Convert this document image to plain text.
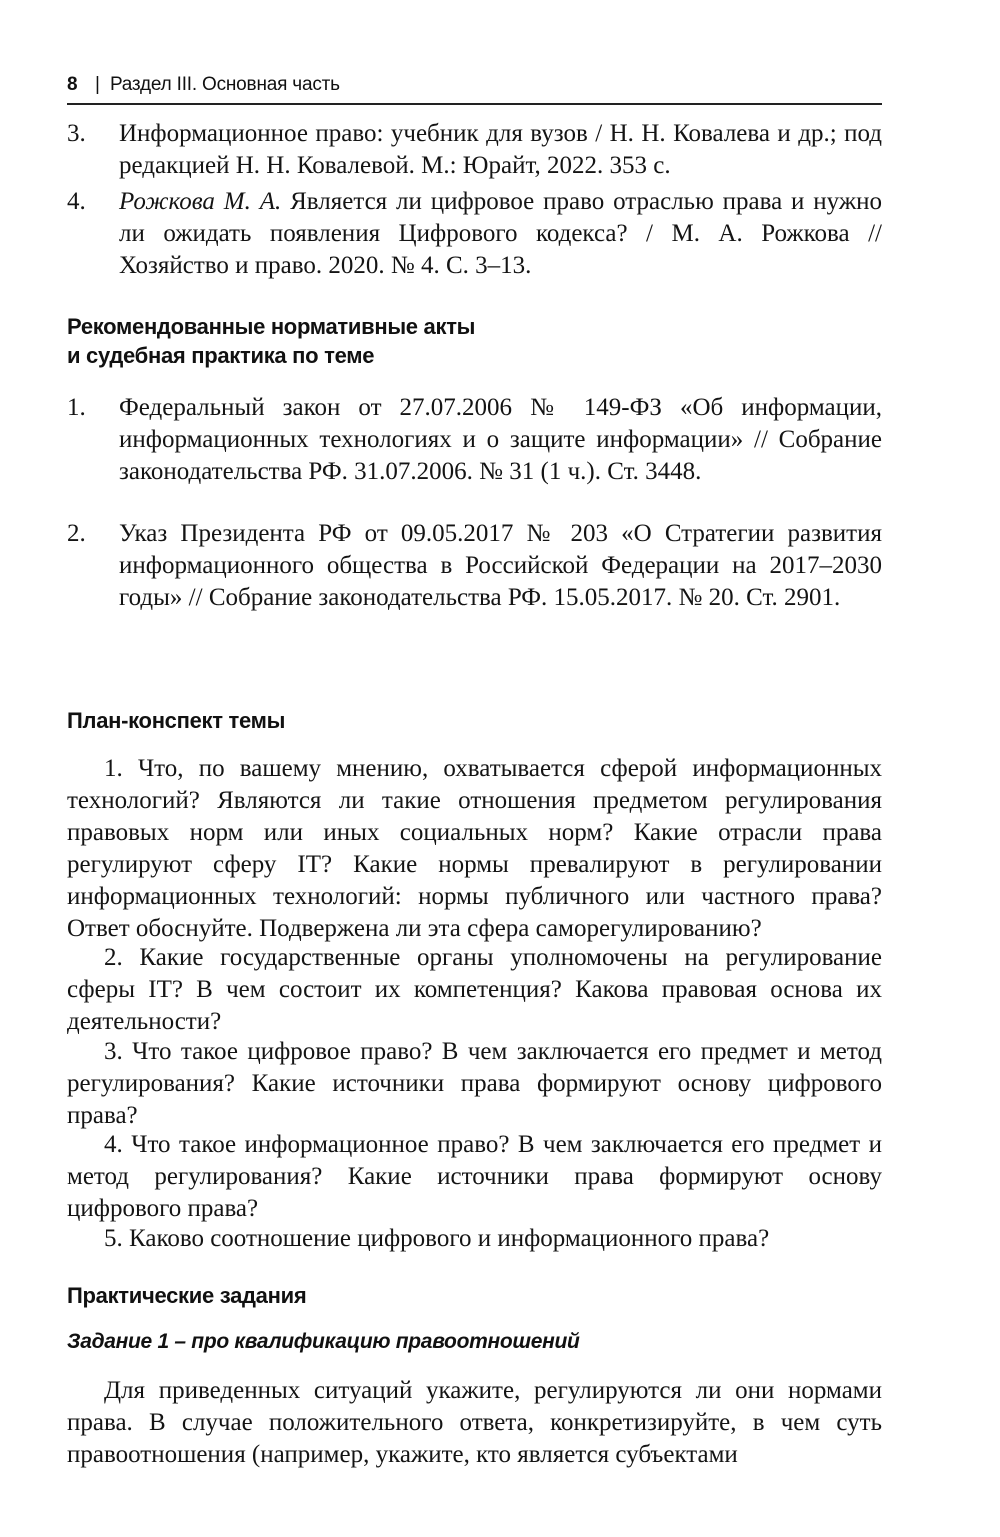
8 | Раздел III. Основная часть
3.	Информационное право: учебник для вузов / Н. Н. Ковалева и др.; под редакцией Н. Н. Ковалевой. М.: Юрайт, 2022. 353 с.
4.	Рожкова М. А. Является ли цифровое право отраслью права и нужно ли ожидать появления Цифрового кодекса? / М. А. Рожкова // Хозяйство и право. 2020. № 4. С. 3–13.
Рекомендованные нормативные акты
и судебная практика по теме
1.	Федеральный закон от 27.07.2006 № 149-ФЗ «Об информации, информационных технологиях и о защите информации» // Собрание законодательства РФ. 31.07.2006. № 31 (1 ч.). Ст. 3448.
2.	Указ Президента РФ от 09.05.2017 № 203 «О Стратегии развития информационного общества в Российской Федерации на 2017–2030 годы» // Собрание законодательства РФ. 15.05.2017. № 20. Ст. 2901.
План-конспект темы
1. Что, по вашему мнению, охватывается сферой информационных технологий? Являются ли такие отношения предметом регулирования правовых норм или иных социальных норм? Какие отрасли права регулируют сферу IT? Какие нормы превалируют в регулировании информационных технологий: нормы публичного или частного права? Ответ обоснуйте. Подвержена ли эта сфера саморегулированию?
2. Какие государственные органы уполномочены на регулирование сферы IT? В чем состоит их компетенция? Какова правовая основа их деятельности?
3. Что такое цифровое право? В чем заключается его предмет и метод регулирования? Какие источники права формируют основу цифрового права?
4. Что такое информационное право? В чем заключается его предмет и метод регулирования? Какие источники права формируют основу цифрового права?
5. Каково соотношение цифрового и информационного права?
Практические задания
Задание 1 – про квалификацию правоотношений
Для приведенных ситуаций укажите, регулируются ли они нормами права. В случае положительного ответа, конкретизируйте, в чем суть правоотношения (например, укажите, кто является субъектами
